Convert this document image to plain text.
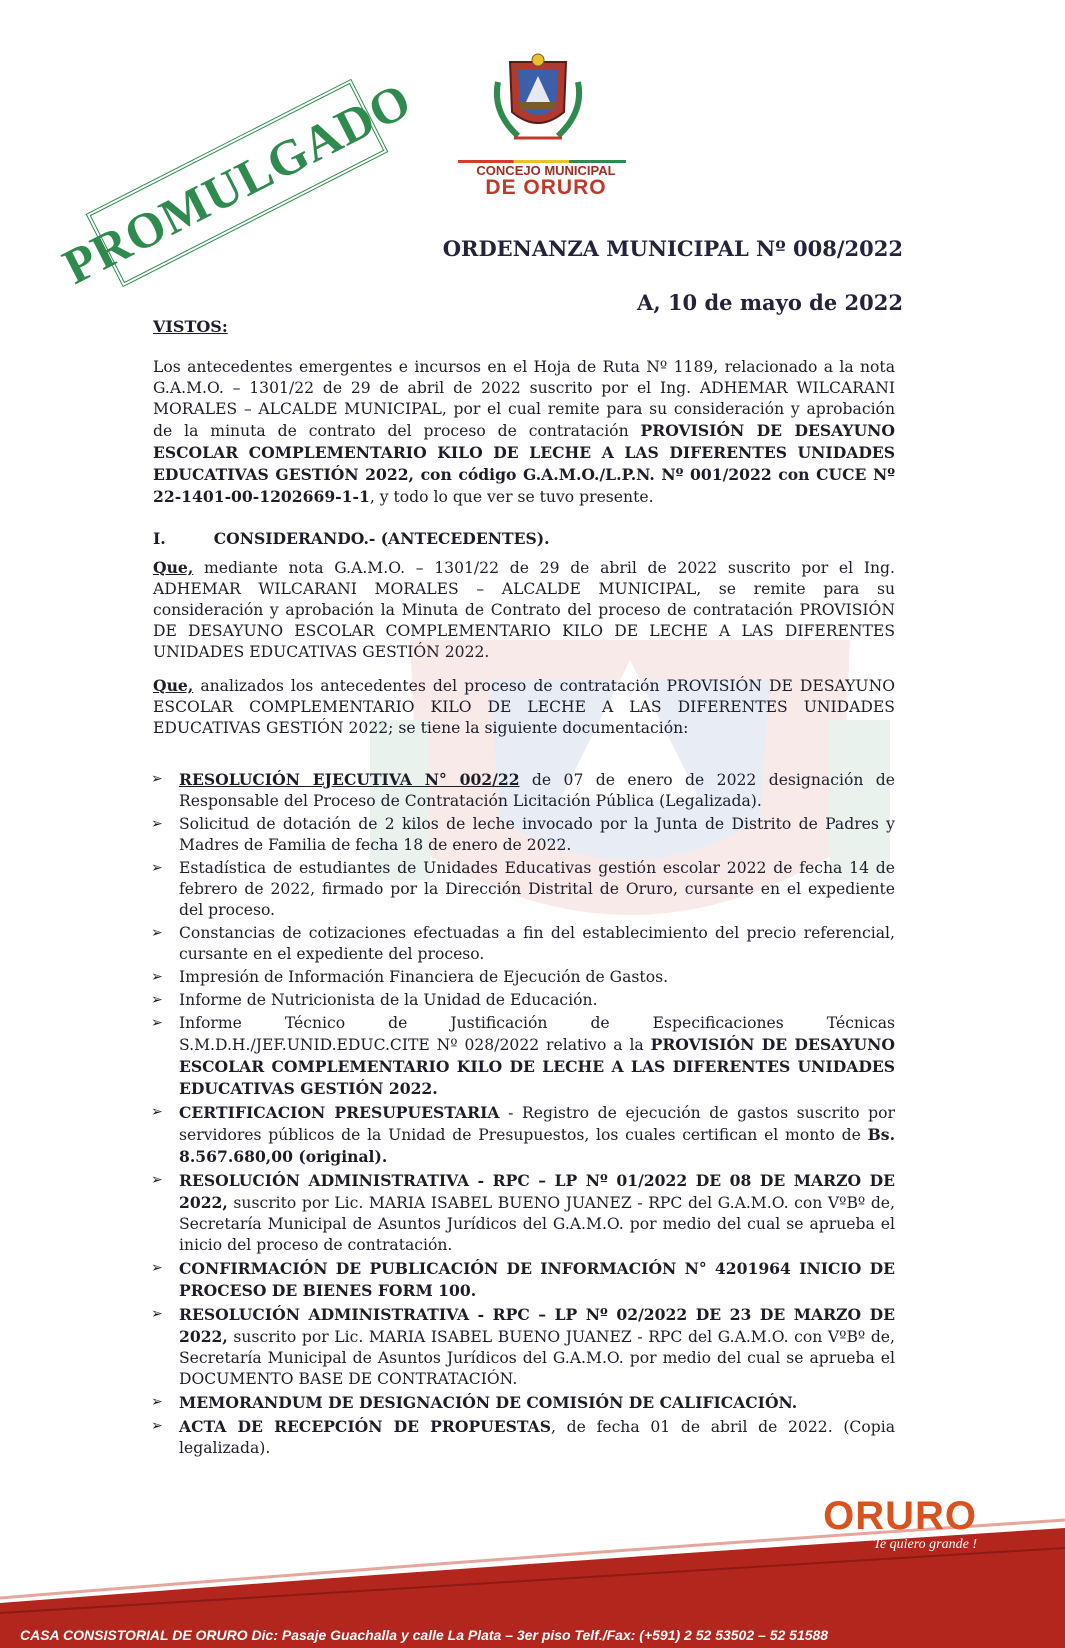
PROMULGADO	CONCEJO MUNICIPAL
DE ORURO
ORDENANZA MUNICIPAL Nº 008/2022
A, 10 de mayo de 2022
VISTOS:

Los antecedentes emergentes e incursos en el Hoja de Ruta Nº 1189, relacionado a la nota G.A.M.O. – 1301/22 de 29 de abril de 2022 suscrito por el Ing. ADHEMAR WILCARANI MORALES – ALCALDE MUNICIPAL, por el cual remite para su consideración y aprobación de la minuta de contrato del proceso de contratación PROVISIÓN DE DESAYUNO ESCOLAR COMPLEMENTARIO KILO DE LECHE A LAS DIFERENTES UNIDADES EDUCATIVAS GESTIÓN 2022, con código G.A.M.O./L.P.N. Nº 001/2022 con CUCE Nº 22-1401-00-1202669-1-1, y todo lo que ver se tuvo presente.

I.	CONSIDERANDO.- (ANTECEDENTES).

Que, mediante nota G.A.M.O. – 1301/22 de 29 de abril de 2022 suscrito por el Ing. ADHEMAR WILCARANI MORALES – ALCALDE MUNICIPAL, se remite para su consideración y aprobación la Minuta de Contrato del proceso de contratación PROVISIÓN DE DESAYUNO ESCOLAR COMPLEMENTARIO KILO DE LECHE A LAS DIFERENTES UNIDADES EDUCATIVAS GESTIÓN 2022.

Que, analizados los antecedentes del proceso de contratación PROVISIÓN DE DESAYUNO ESCOLAR COMPLEMENTARIO KILO DE LECHE A LAS DIFERENTES UNIDADES EDUCATIVAS GESTIÓN 2022; se tiene la siguiente documentación:

➢ RESOLUCIÓN EJECUTIVA N° 002/22 de 07 de enero de 2022 designación de Responsable del Proceso de Contratación Licitación Pública (Legalizada).
➢ Solicitud de dotación de 2 kilos de leche invocado por la Junta de Distrito de Padres y Madres de Familia de fecha 18 de enero de 2022.
➢ Estadística de estudiantes de Unidades Educativas gestión escolar 2022 de fecha 14 de febrero de 2022, firmado por la Dirección Distrital de Oruro, cursante en el expediente del proceso.
➢ Constancias de cotizaciones efectuadas a fin del establecimiento del precio referencial, cursante en el expediente del proceso.
➢ Impresión de Información Financiera de Ejecución de Gastos.
➢ Informe de Nutricionista de la Unidad de Educación.
➢ Informe Técnico de Justificación de Especificaciones Técnicas S.M.D.H./JEF.UNID.EDUC.CITE Nº 028/2022 relativo a la PROVISIÓN DE DESAYUNO ESCOLAR COMPLEMENTARIO KILO DE LECHE A LAS DIFERENTES UNIDADES EDUCATIVAS GESTIÓN 2022.
➢ CERTIFICACION PRESUPUESTARIA - Registro de ejecución de gastos suscrito por servidores públicos de la Unidad de Presupuestos, los cuales certifican el monto de Bs. 8.567.680,00 (original).
➢ RESOLUCIÓN ADMINISTRATIVA - RPC – LP Nº 01/2022 DE 08 DE MARZO DE 2022, suscrito por Lic. MARIA ISABEL BUENO JUANEZ - RPC del G.A.M.O. con VºBº de, Secretaría Municipal de Asuntos Jurídicos del G.A.M.O. por medio del cual se aprueba el inicio del proceso de contratación.
➢ CONFIRMACIÓN DE PUBLICACIÓN DE INFORMACIÓN N° 4201964 INICIO DE PROCESO DE BIENES FORM 100.
➢ RESOLUCIÓN ADMINISTRATIVA - RPC – LP Nº 02/2022 DE 23 DE MARZO DE 2022, suscrito por Lic. MARIA ISABEL BUENO JUANEZ - RPC del G.A.M.O. con VºBº de, Secretaría Municipal de Asuntos Jurídicos del G.A.M.O. por medio del cual se aprueba el DOCUMENTO BASE DE CONTRATACIÓN.
➢ MEMORANDUM DE DESIGNACIÓN DE COMISIÓN DE CALIFICACIÓN.
➢ ACTA DE RECEPCIÓN DE PROPUESTAS, de fecha 01 de abril de 2022. (Copia legalizada).
ORURO
Te quiero grande !
CASA CONSISTORIAL DE ORURO Dic: Pasaje Guachalla y calle La Plata – 3er piso Telf./Fax: (+591) 2 52 53502 – 52 51588
